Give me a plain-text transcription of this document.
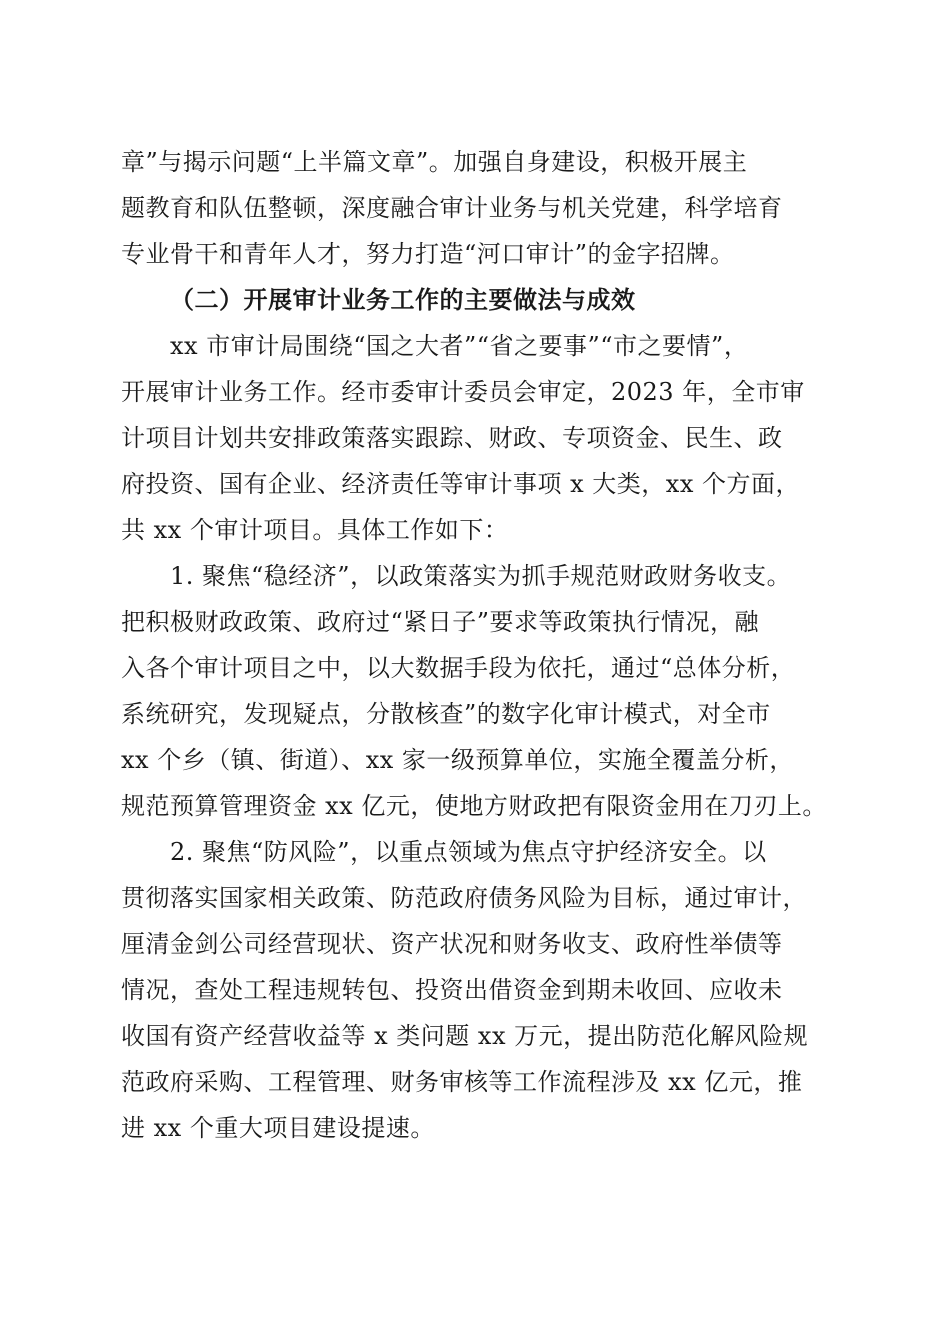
章”与揭示问题“上半篇文章”。加强自身建设，积极开展主
题教育和队伍整顿，深度融合审计业务与机关党建，科学培育
专业骨干和青年人才，努力打造“河口审计”的金字招牌。
（二）开展审计业务工作的主要做法与成效
xx 市审计局围绕“国之大者”“省之要事”“市之要情”，
开展审计业务工作。经市委审计委员会审定，2023 年，全市审
计项目计划共安排政策落实跟踪、财政、专项资金、民生、政
府投资、国有企业、经济责任等审计事项 x 大类，xx 个方面，
共 xx 个审计项目。具体工作如下：
1. 聚焦“稳经济”，以政策落实为抓手规范财政财务收支。
把积极财政政策、政府过“紧日子”要求等政策执行情况，融
入各个审计项目之中，以大数据手段为依托，通过“总体分析，
系统研究，发现疑点，分散核查”的数字化审计模式，对全市
xx 个乡（镇、街道）、xx 家一级预算单位，实施全覆盖分析，
规范预算管理资金 xx 亿元，使地方财政把有限资金用在刀刃上。
2. 聚焦“防风险”，以重点领域为焦点守护经济安全。以
贯彻落实国家相关政策、防范政府债务风险为目标，通过审计，
厘清金剑公司经营现状、资产状况和财务收支、政府性举债等
情况，查处工程违规转包、投资出借资金到期未收回、应收未
收国有资产经营收益等 x 类问题 xx 万元，提出防范化解风险规
范政府采购、工程管理、财务审核等工作流程涉及 xx 亿元，推
进 xx 个重大项目建设提速。
